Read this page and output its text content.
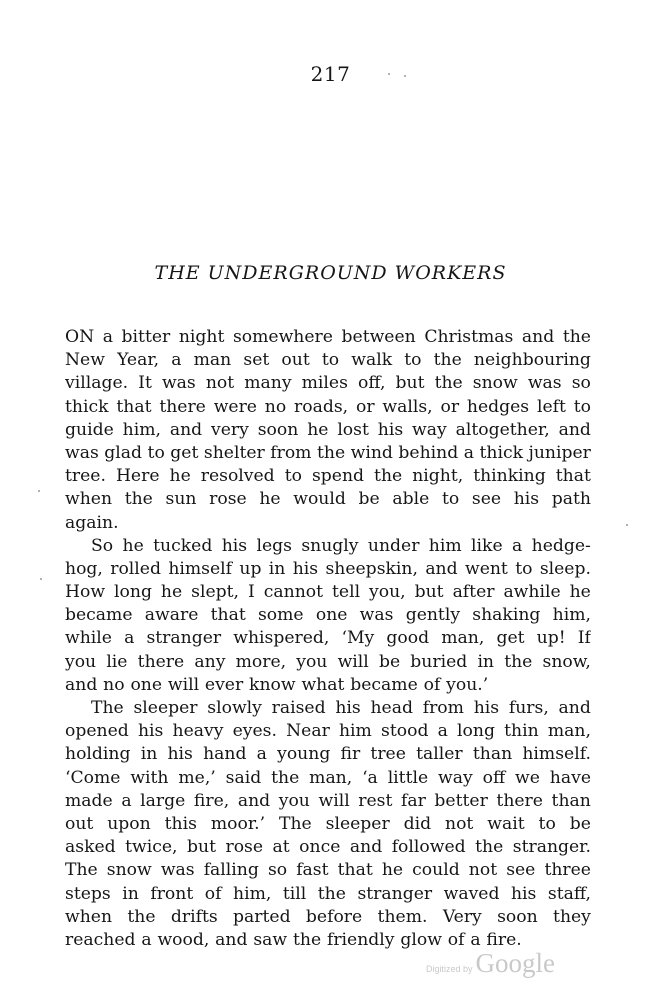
217
THE UNDERGROUND WORKERS
ON a bitter night somewhere between Christmas and the
New Year, a man set out to walk to the neighbouring
village. It was not many miles off, but the snow was so
thick that there were no roads, or walls, or hedges left to
guide him, and very soon he lost his way altogether, and
was glad to get shelter from the wind behind a thick juniper
tree. Here he resolved to spend the night, thinking that
when the sun rose he would be able to see his path
again.
So he tucked his legs snugly under him like a hedge-
hog, rolled himself up in his sheepskin, and went to sleep.
How long he slept, I cannot tell you, but after awhile he
became aware that some one was gently shaking him,
while a stranger whispered, ‘My good man, get up! If
you lie there any more, you will be buried in the snow,
and no one will ever know what became of you.’
The sleeper slowly raised his head from his furs, and
opened his heavy eyes. Near him stood a long thin man,
holding in his hand a young fir tree taller than himself.
‘Come with me,’ said the man, ‘a little way off we have
made a large fire, and you will rest far better there than
out upon this moor.’ The sleeper did not wait to be
asked twice, but rose at once and followed the stranger.
The snow was falling so fast that he could not see three
steps in front of him, till the stranger waved his staff,
when the drifts parted before them. Very soon they
reached a wood, and saw the friendly glow of a fire.
Digitized by Google
